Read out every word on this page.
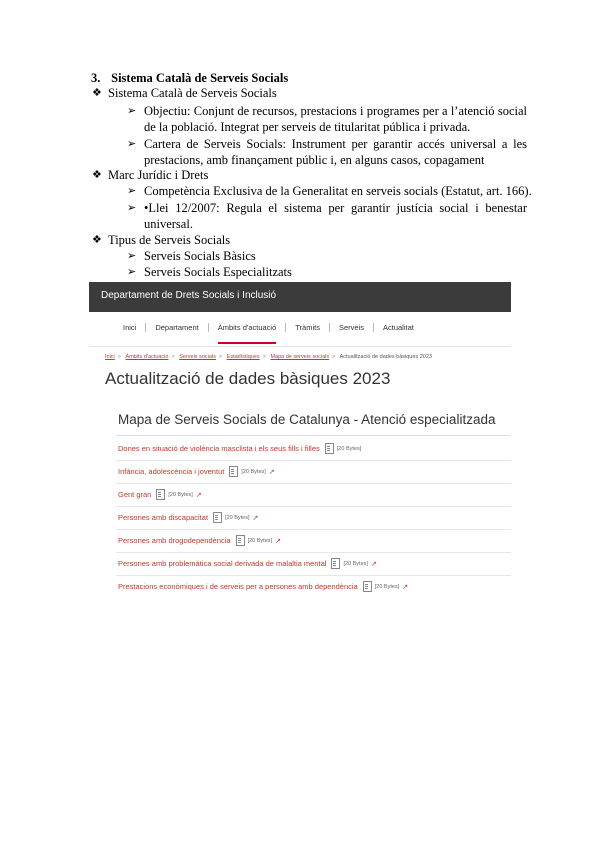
3. Sistema Català de Serveis Socials
❖ Sistema Català de Serveis Socials
➢ Objectiu: Conjunt de recursos, prestacions i programes per a l’atenció social
de la població. Integrat per serveis de titularitat pública i privada.
➢ Cartera de Serveis Socials: Instrument per garantir accés universal a les
prestacions, amb finançament públic i, en alguns casos, copagament
❖ Marc Jurídic i Drets
➢ Competència Exclusiva de la Generalitat en serveis socials (Estatut, art. 166).
➢ •Llei 12/2007: Regula el sistema per garantir justícia social i benestar
universal.
❖ Tipus de Serveis Socials
➢ Serveis Socials Bàsics
➢ Serveis Socials Especialitzats
Departament de Drets Socials i Inclusió
Inici	Departament	Àmbits d'actuació	Tràmits	Serveis	Actualitat
Inici > Àmbits d'actuació > Serveis socials > Estadístiques > Mapa de serveis socials > Actualització de dades bàsiques 2023
Actualització de dades bàsiques 2023
Mapa de Serveis Socials de Catalunya - Atenció especialitzada
Dones en situació de violència masclista i els seus fills i filles	[20 Bytes]
Infància, adolescència i joventut	[20 Bytes] ↗
Gent gran	[20 Bytes] ↗
Persones amb discapacitat	[20 Bytes] ↗
Persones amb drogodependència	[20 Bytes] ↗
Persones amb problemàtica social derivada de malaltia mental	[20 Bytes] ↗
Prestacions econòmiques i de serveis per a persones amb dependència	[20 Bytes] ↗
